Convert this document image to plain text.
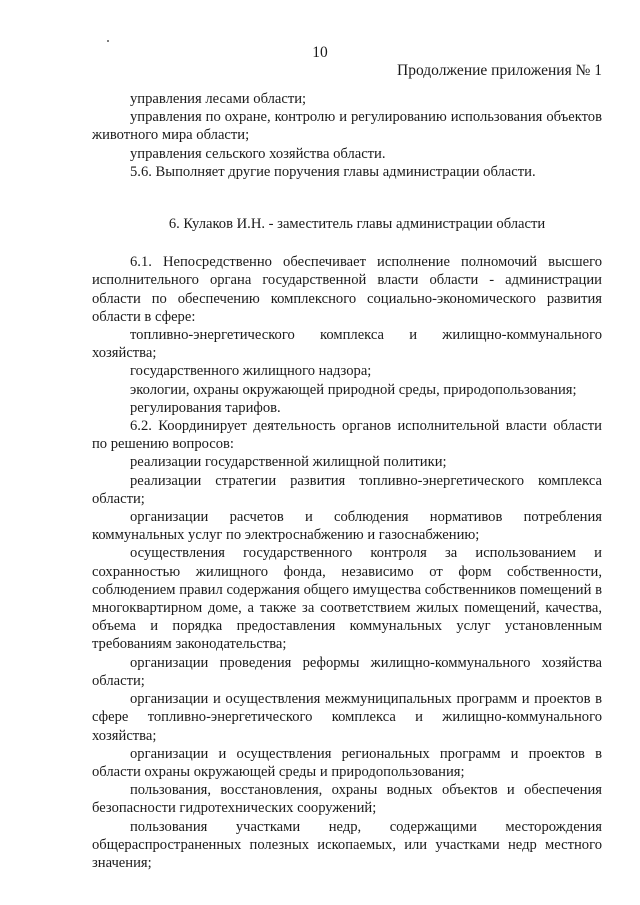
10
Продолжение приложения № 1

управления лесами области;

управления по охране, контролю и регулированию использования объектов животного мира области;

управления сельского хозяйства области.

5.6. Выполняет другие поручения главы администрации области.

6. Кулаков И.Н. - заместитель главы администрации области

6.1. Непосредственно обеспечивает исполнение полномочий высшего исполнительного органа государственной власти области - администрации области по обеспечению комплексного социально-экономического развития области в сфере:

топливно-энергетического комплекса и жилищно-коммунального хозяйства;

государственного жилищного надзора;

экологии, охраны окружающей природной среды, природопользования;

регулирования тарифов.

6.2. Координирует деятельность органов исполнительной власти области по решению вопросов:

реализации государственной жилищной политики;

реализации стратегии развития топливно-энергетического комплекса области;

организации расчетов и соблюдения нормативов потребления коммунальных услуг по электроснабжению и газоснабжению;

осуществления государственного контроля за использованием и сохранностью жилищного фонда, независимо от форм собственности, соблюдением правил содержания общего имущества собственников помещений в многоквартирном доме, а также за соответствием жилых помещений, качества, объема и порядка предоставления коммунальных услуг установленным требованиям законодательства;

организации проведения реформы жилищно-коммунального хозяйства области;

организации и осуществления межмуниципальных программ и проектов в сфере топливно-энергетического комплекса и жилищно-коммунального хозяйства;

организации и осуществления региональных программ и проектов в области охраны окружающей среды и природопользования;

пользования, восстановления, охраны водных объектов и обеспечения безопасности гидротехнических сооружений;

пользования участками недр, содержащими месторождения общераспространенных полезных ископаемых, или участками недр местного значения;
